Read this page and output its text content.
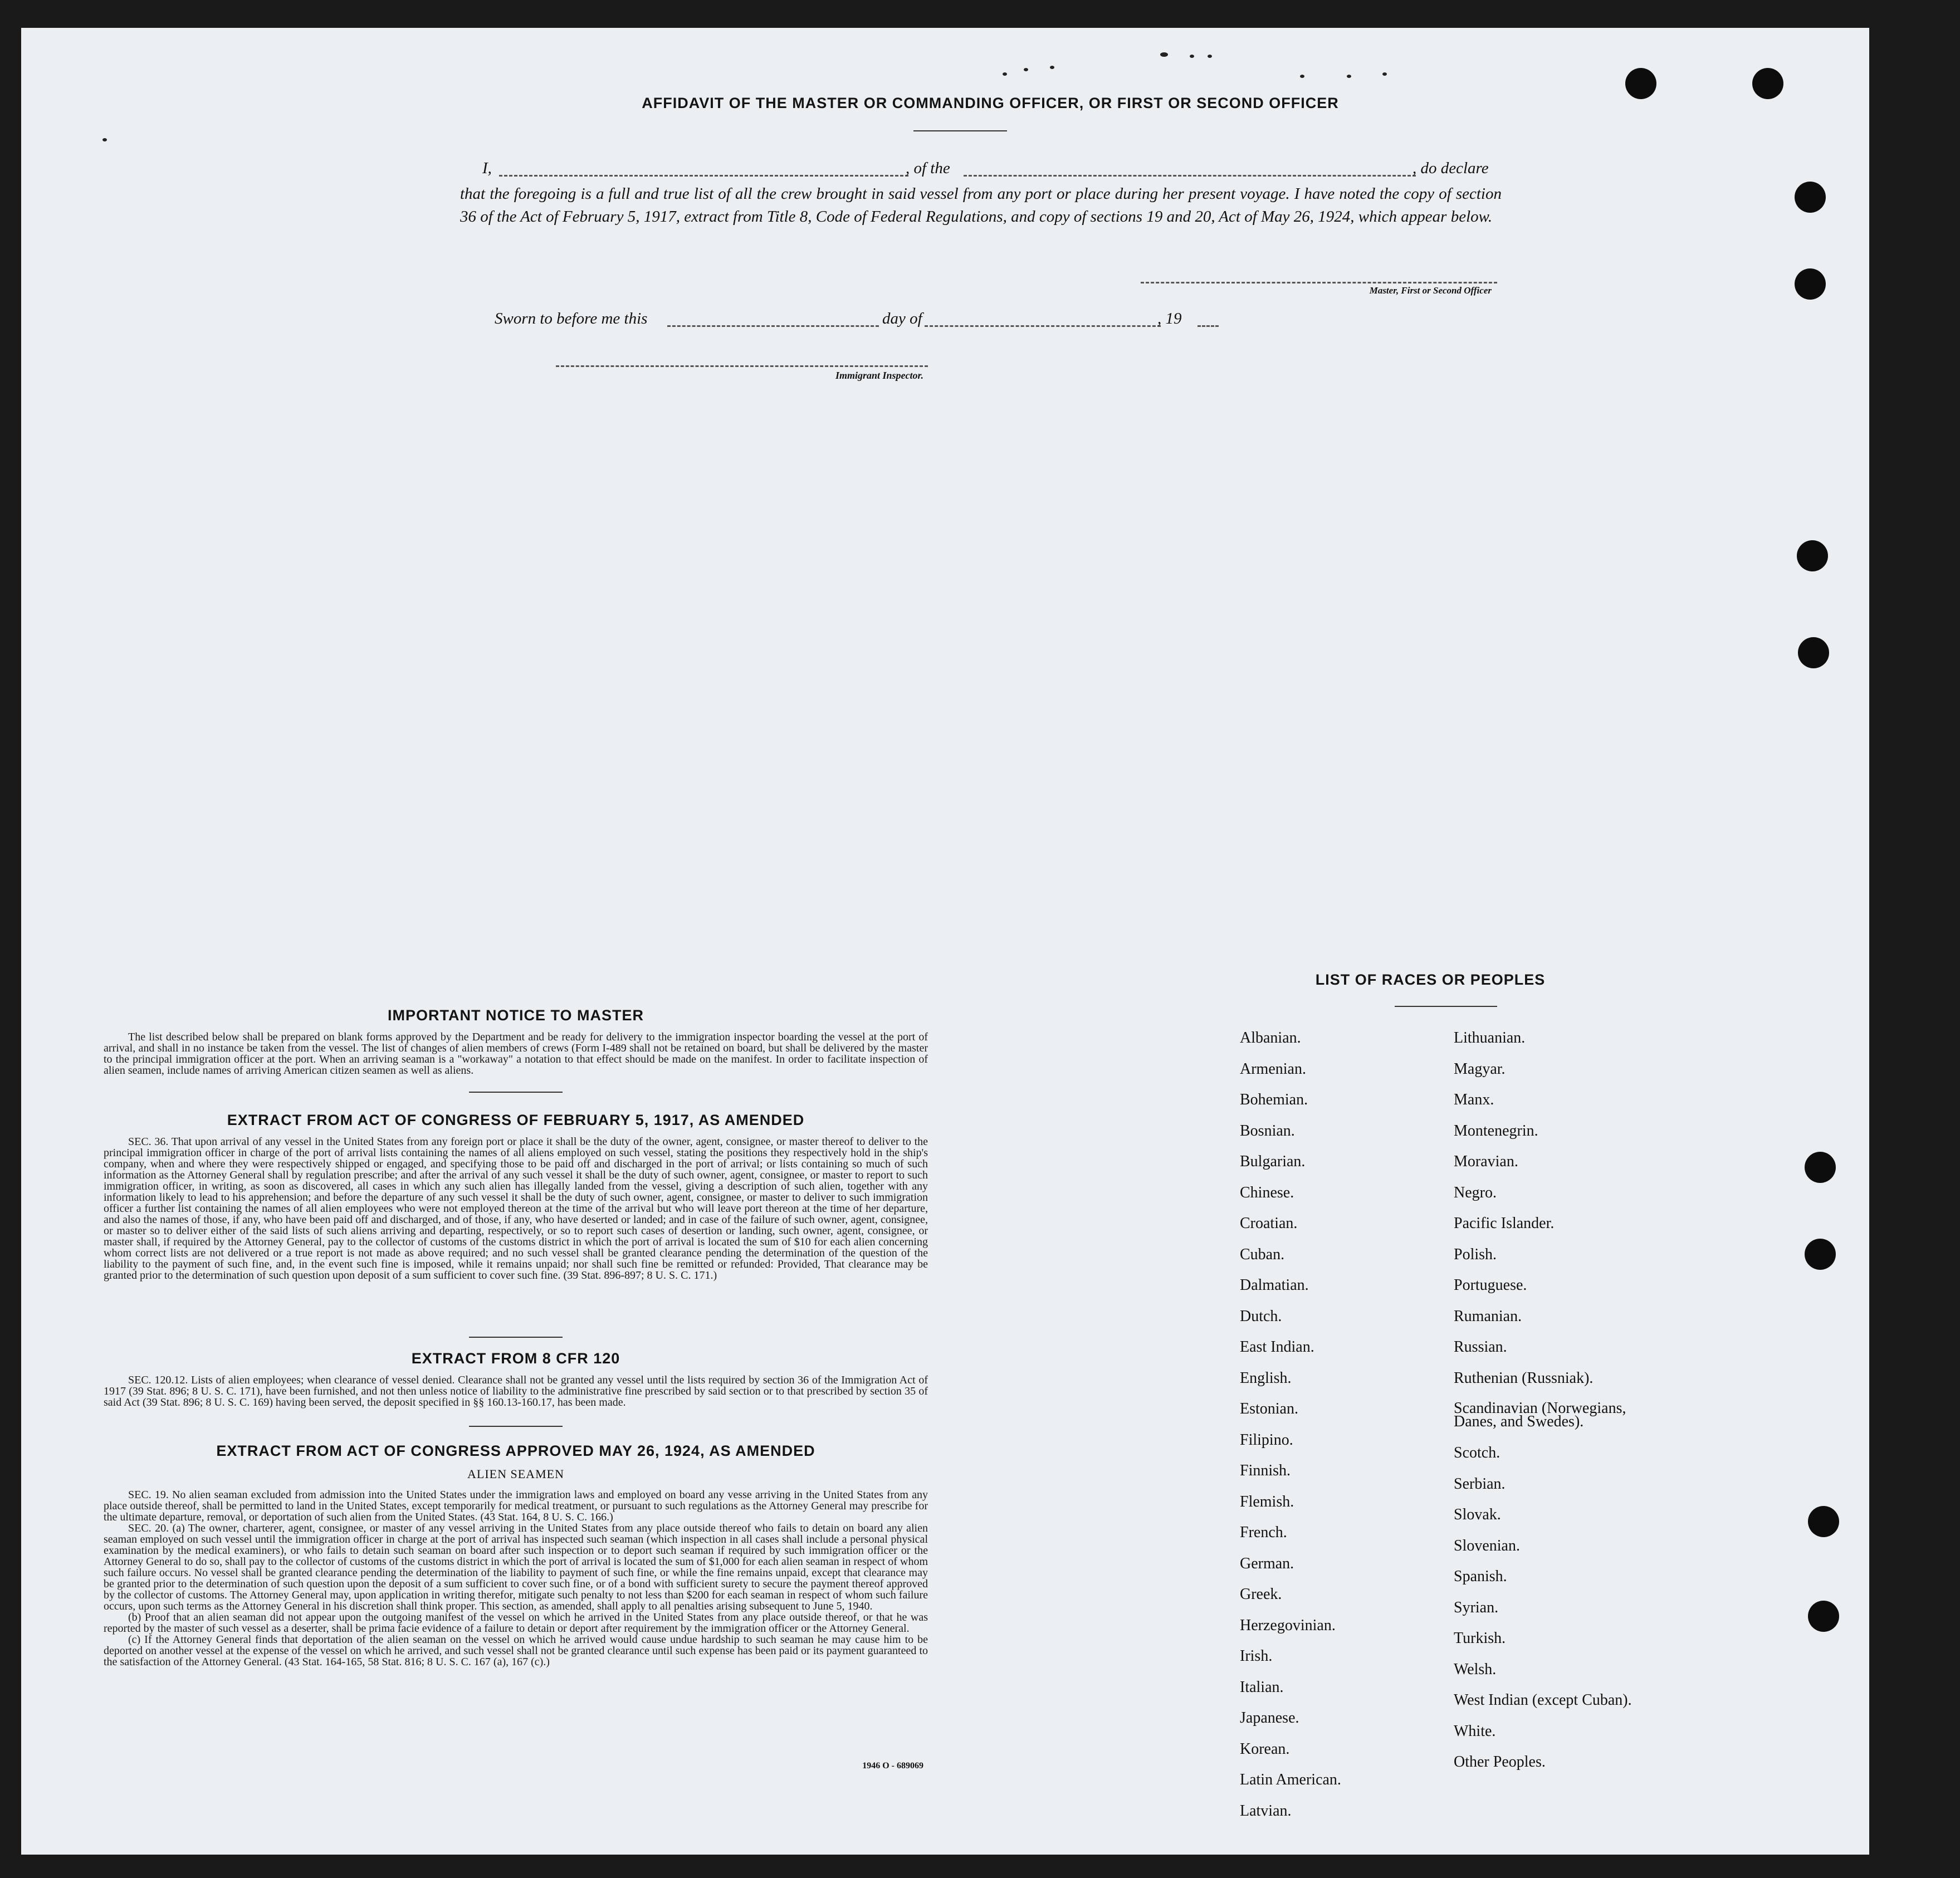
AFFIDAVIT OF THE MASTER OR COMMANDING OFFICER, OR FIRST OR SECOND OFFICER
I,	, of the	, do declare
that the foregoing is a full and true list of all the crew brought in said vessel from any port or place during her present voyage. I have noted the copy of section 36 of the Act of February 5, 1917, extract from Title 8, Code of Federal Regulations, and copy of sections 19 and 20, Act of May 26, 1924, which appear below.
Master, First or Second Officer
Sworn to before me this	day of	, 19
Immigrant Inspector.
IMPORTANT NOTICE TO MASTER
The list described below shall be prepared on blank forms approved by the Department and be ready for delivery to the immigration inspector boarding the vessel at the port of arrival, and shall in no instance be taken from the vessel. The list of changes of alien members of crews (Form I-489 shall not be retained on board, but shall be delivered by the master to the principal immigration officer at the port. When an arriving seaman is a "workaway" a notation to that effect should be made on the manifest. In order to facilitate inspection of alien seamen, include names of arriving American citizen seamen as well as aliens.
EXTRACT FROM ACT OF CONGRESS OF FEBRUARY 5, 1917, AS AMENDED
SEC. 36. That upon arrival of any vessel in the United States from any foreign port or place it shall be the duty of the owner, agent, consignee, or master thereof to deliver to the principal immigration officer in charge of the port of arrival lists containing the names of all aliens employed on such vessel, stating the positions they respectively hold in the ship's company, when and where they were respectively shipped or engaged, and specifying those to be paid off and discharged in the port of arrival; or lists containing so much of such information as the Attorney General shall by regulation prescribe; and after the arrival of any such vessel it shall be the duty of such owner, agent, consignee, or master to report to such immigration officer, in writing, as soon as discovered, all cases in which any such alien has illegally landed from the vessel, giving a description of such alien, together with any information likely to lead to his apprehension; and before the departure of any such vessel it shall be the duty of such owner, agent, consignee, or master to deliver to such immigration officer a further list containing the names of all alien employees who were not employed thereon at the time of the arrival but who will leave port thereon at the time of her departure, and also the names of those, if any, who have been paid off and discharged, and of those, if any, who have deserted or landed; and in case of the failure of such owner, agent, consignee, or master so to deliver either of the said lists of such aliens arriving and departing, respectively, or so to report such cases of desertion or landing, such owner, agent, consignee, or master shall, if required by the Attorney General, pay to the collector of customs of the customs district in which the port of arrival is located the sum of $10 for each alien concerning whom correct lists are not delivered or a true report is not made as above required; and no such vessel shall be granted clearance pending the determination of the question of the liability to the payment of such fine, and, in the event such fine is imposed, while it remains unpaid; nor shall such fine be remitted or refunded: Provided, That clearance may be granted prior to the determination of such question upon deposit of a sum sufficient to cover such fine. (39 Stat. 896-897; 8 U. S. C. 171.)
EXTRACT FROM 8 CFR 120
SEC. 120.12. Lists of alien employees; when clearance of vessel denied. Clearance shall not be granted any vessel until the lists required by section 36 of the Immigration Act of 1917 (39 Stat. 896; 8 U. S. C. 171), have been furnished, and not then unless notice of liability to the administrative fine prescribed by said section or to that prescribed by section 35 of said Act (39 Stat. 896; 8 U. S. C. 169) having been served, the deposit specified in §§ 160.13-160.17, has been made.
EXTRACT FROM ACT OF CONGRESS APPROVED MAY 26, 1924, AS AMENDED
ALIEN SEAMEN
SEC. 19. No alien seaman excluded from admission into the United States under the immigration laws and employed on board any vesse arriving in the United States from any place outside thereof, shall be permitted to land in the United States, except temporarily for medical treatment, or pursuant to such regulations as the Attorney General may prescribe for the ultimate departure, removal, or deportation of such alien from the United States. (43 Stat. 164, 8 U. S. C. 166.)
SEC. 20. (a) The owner, charterer, agent, consignee, or master of any vessel arriving in the United States from any place outside thereof who fails to detain on board any alien seaman employed on such vessel until the immigration officer in charge at the port of arrival has inspected such seaman (which inspection in all cases shall include a personal physical examination by the medical examiners), or who fails to detain such seaman on board after such inspection or to deport such seaman if required by such immigration officer or the Attorney General to do so, shall pay to the collector of customs of the customs district in which the port of arrival is located the sum of $1,000 for each alien seaman in respect of whom such failure occurs. No vessel shall be granted clearance pending the determination of the liability to payment of such fine, or while the fine remains unpaid, except that clearance may be granted prior to the determination of such question upon the deposit of a sum sufficient to cover such fine, or of a bond with sufficient surety to secure the payment thereof approved by the collector of customs. The Attorney General may, upon application in writing therefor, mitigate such penalty to not less than $200 for each seaman in respect of whom such failure occurs, upon such terms as the Attorney General in his discretion shall think proper. This section, as amended, shall apply to all penalties arising subsequent to June 5, 1940.
(b) Proof that an alien seaman did not appear upon the outgoing manifest of the vessel on which he arrived in the United States from any place outside thereof, or that he was reported by the master of such vessel as a deserter, shall be prima facie evidence of a failure to detain or deport after requirement by the immigration officer or the Attorney General.
(c) If the Attorney General finds that deportation of the alien seaman on the vessel on which he arrived would cause undue hardship to such seaman he may cause him to be deported on another vessel at the expense of the vessel on which he arrived, and such vessel shall not be granted clearance until such expense has been paid or its payment guaranteed to the satisfaction of the Attorney General. (43 Stat. 164-165, 58 Stat. 816; 8 U. S. C. 167 (a), 167 (c).)
1946 O - 689069
LIST OF RACES OR PEOPLES
Albanian.
Armenian.
Bohemian.
Bosnian.
Bulgarian.
Chinese.
Croatian.
Cuban.
Dalmatian.
Dutch.
East Indian.
English.
Estonian.
Filipino.
Finnish.
Flemish.
French.
German.
Greek.
Herzegovinian.
Irish.
Italian.
Japanese.
Korean.
Latin American.
Latvian.
Lithuanian.
Magyar.
Manx.
Montenegrin.
Moravian.
Negro.
Pacific Islander.
Polish.
Portuguese.
Rumanian.
Russian.
Ruthenian (Russniak).
Scandinavian (Norwegians,
Danes, and Swedes).
Scotch.
Serbian.
Slovak.
Slovenian.
Spanish.
Syrian.
Turkish.
Welsh.
West Indian (except Cuban).
White.
Other Peoples.
